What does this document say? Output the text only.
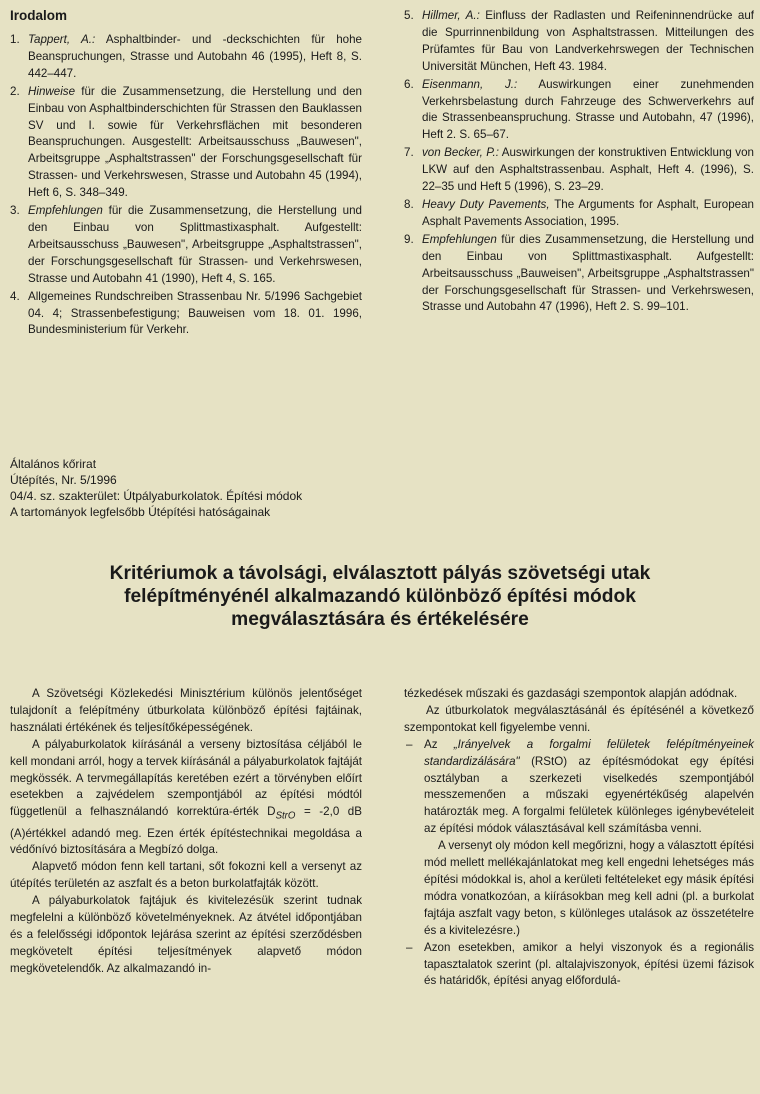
Irodalom
1. Tappert, A.: Asphaltbinder- und -deckschichten für hohe Beanspruchungen, Strasse und Autobahn 46 (1995), Heft 8, S. 442–447.
2. Hinweise für die Zusammensetzung, die Herstellung und den Einbau von Asphaltbinderschichten für Strassen den Bauklassen SV und I. sowie für Verkehrsflächen mit besonderen Beanspruchungen. Ausgestellt: Arbeitsausschuss „Bauwesen", Arbeitsgruppe „Asphaltstrassen" der Forschungsgesellschaft für Strassen- und Verkehrswesen, Strasse und Autobahn 45 (1994), Heft 6, S. 348–349.
3. Empfehlungen für die Zusammensetzung, die Herstellung und den Einbau von Splittmastixasphalt. Aufgestellt: Arbeitsausschuss „Bauwesen", Arbeitsgruppe „Asphaltstrassen", der Forschungsgesellschaft für Strassen- und Verkehrswesen, Strasse und Autobahn 41 (1990), Heft 4, S. 165.
4. Allgemeines Rundschreiben Strassenbau Nr. 5/1996 Sachgebiet 04. 4; Strassenbefestigung; Bauweisen vom 18. 01. 1996, Bundesministerium für Verkehr.
5. Hillmer, A.: Einfluss der Radlasten und Reifeninnendrücke auf die Spurrinnenbildung von Asphaltstrassen. Mitteilungen des Prüfamtes für Bau von Landverkehrswegen der Technischen Universität München, Heft 43. 1984.
6. Eisenmann, J.: Auswirkungen einer zunehmenden Verkehrsbelastung durch Fahrzeuge des Schwerverkehrs auf die Strassenbeanspruchung. Strasse und Autobahn, 47 (1996), Heft 2. S. 65–67.
7. von Becker, P.: Auswirkungen der konstruktiven Entwicklung von LKW auf den Asphaltstrassenbau. Asphalt, Heft 4. (1996), S. 22–35 und Heft 5 (1996), S. 23–29.
8. Heavy Duty Pavements, The Arguments for Asphalt, European Asphalt Pavements Association, 1995.
9. Empfehlungen für dies Zusammensetzung, die Herstellung und den Einbau von Splittmastixasphalt. Aufgestellt: Arbeitsausschuss „Bauweisen", Arbeitsgruppe „Asphaltstrassen" der Forschungsgesellschaft für Strassen- und Verkehrswesen, Strasse und Autobahn 47 (1996), Heft 2. S. 99–101.
Általános kőrirat
Útépítés, Nr. 5/1996
04/4. sz. szakterület: Útpályaburkolatok. Építési módok
A tartományok legfelsőbb Útépítési hatóságainak
Kritériumok a távolsági, elválasztott pályás szövetségi utak
felépítményénél alkalmazandó különböző építési módok
megválasztására és értékelésére

A Szövetségi Közlekedési Minisztérium különös jelentőséget tulajdonít a felépítmény útburkolata különböző építési fajtáinak, használati értékének és teljesítőképességének.

A pályaburkolatok kiírásánál a verseny biztosítása céljából le kell mondani arról, hogy a tervek kiírásánál a pályaburkolatok fajtáját megkössék. A tervmegállapítás keretében ezért a törvényben előírt esetekben a zajvédelem szempontjából az építési módtól függetlenül a felhasználandó korrektúra-érték $D_{StrO} = -2,0$ dB (A)értékkel adandó meg. Ezen érték építéstechnikai megoldása a védőnívó biztosítására a Megbízó dolga.

Alapvető módon fenn kell tartani, sőt fokozni kell a versenyt az útépítés területén az aszfalt és a beton burkolatfajták között.

A pályaburkolatok fajtájuk és kivitelezésük szerint tudnak megfelelni a különböző követelményeknek. Az átvétel időpontjában és a felelősségi időpontok lejárása szerint az építési szerződésben megkövetelt építési teljesítmények alapvető módon megkövetelendők. Az alkalmazandó in-

tézkedések műszaki és gazdasági szempontok alapján adódnak.

Az útburkolatok megválasztásánál és építésénél a következő szempontokat kell figyelembe venni.

– Az „Irányelvek a forgalmi felületek felépítményeinek standardizálására" (RStO) az építésmódokat egy építési osztályban a szerkezeti viselkedés szempontjából messzemenően a műszaki egyenértékűség alapelvén határozták meg. A forgalmi felületek különleges igénybevételeit az építési módok választásával kell számításba venni.

A versenyt oly módon kell megőrizni, hogy a választott építési mód mellett mellékajánlatokat meg kell engedni lehetséges más építési módokkal is, ahol a kerületi feltételeket egy másik építési módra vonatkozóan, a kiírásokban meg kell adni (pl. a burkolat fajtája aszfalt vagy beton, s különleges utalások az összetételre és a kivitelezésre.)

– Azon esetekben, amikor a helyi viszonyok és a regionális tapasztalatok szerint (pl. altalajviszonyok, építési üzemi fázisok és határidők, építési anyag előfordulá-
